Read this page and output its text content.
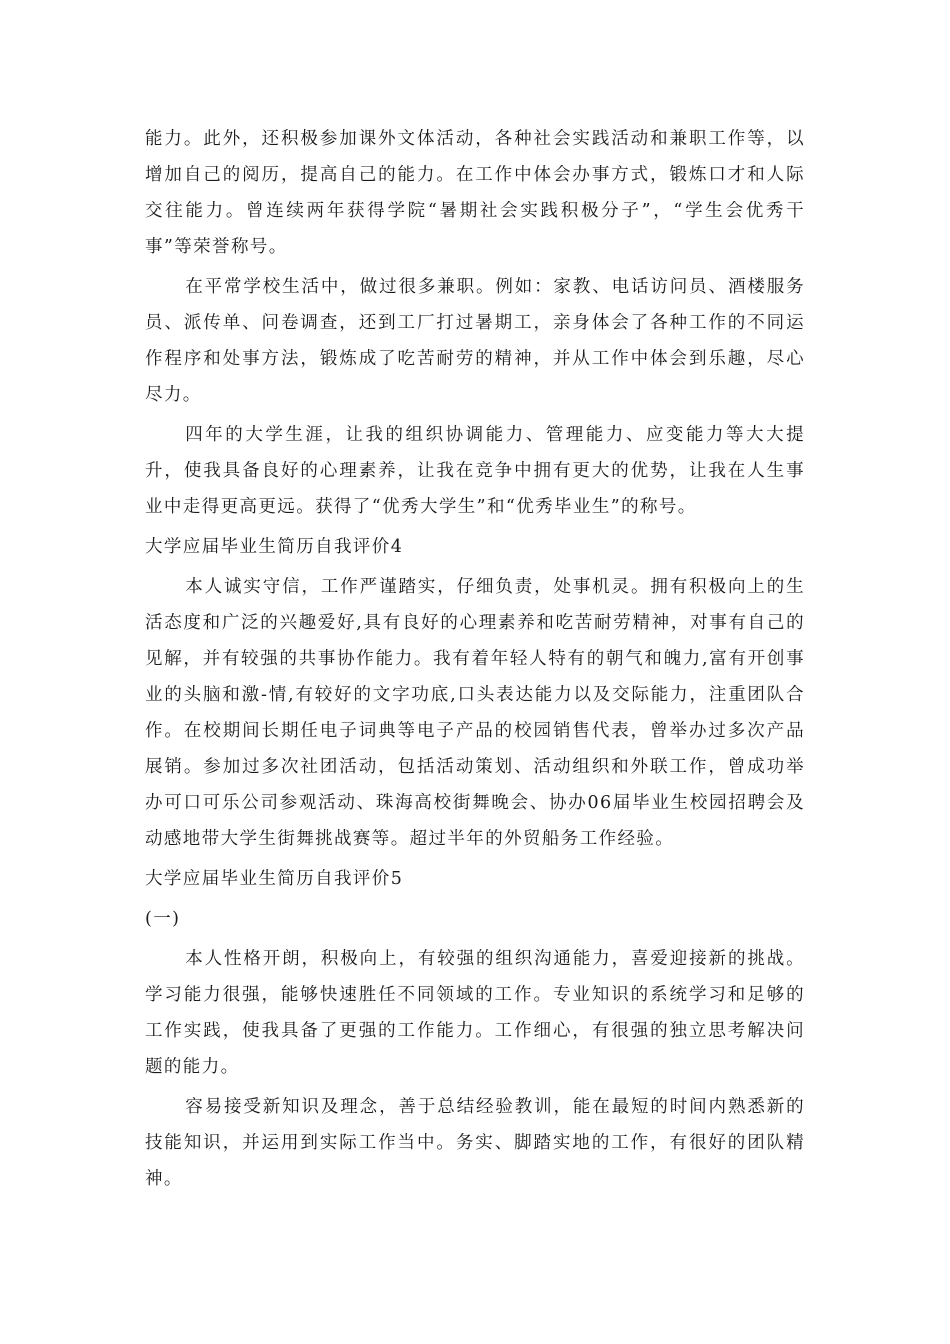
能力。此外，还积极参加课外文体活动，各种社会实践活动和兼职工作等，以增加自己的阅历，提高自己的能力。在工作中体会办事方式，锻炼口才和人际交往能力。曾连续两年获得学院“暑期社会实践积极分子”，“学生会优秀干事”等荣誉称号。

在平常学校生活中，做过很多兼职。例如：家教、电话访问员、酒楼服务员、派传单、问卷调查，还到工厂打过暑期工，亲身体会了各种工作的不同运作程序和处事方法，锻炼成了吃苦耐劳的精神，并从工作中体会到乐趣，尽心尽力。

四年的大学生涯，让我的组织协调能力、管理能力、应变能力等大大提升，使我具备良好的心理素养，让我在竞争中拥有更大的优势，让我在人生事业中走得更高更远。获得了“优秀大学生”和“优秀毕业生”的称号。

大学应届毕业生简历自我评价4

本人诚实守信，工作严谨踏实，仔细负责，处事机灵。拥有积极向上的生活态度和广泛的兴趣爱好,具有良好的心理素养和吃苦耐劳精神，对事有自己的见解，并有较强的共事协作能力。我有着年轻人特有的朝气和魄力,富有开创事业的头脑和激-情,有较好的文字功底,口头表达能力以及交际能力，注重团队合作。在校期间长期任电子词典等电子产品的校园销售代表，曾举办过多次产品展销。参加过多次社团活动，包括活动策划、活动组织和外联工作，曾成功举办可口可乐公司参观活动、珠海高校街舞晚会、协办06届毕业生校园招聘会及动感地带大学生街舞挑战赛等。超过半年的外贸船务工作经验。

大学应届毕业生简历自我评价5

(一)

本人性格开朗，积极向上，有较强的组织沟通能力，喜爱迎接新的挑战。学习能力很强，能够快速胜任不同领域的工作。专业知识的系统学习和足够的工作实践，使我具备了更强的工作能力。工作细心，有很强的独立思考解决问题的能力。

容易接受新知识及理念，善于总结经验教训，能在最短的时间内熟悉新的技能知识，并运用到实际工作当中。务实、脚踏实地的工作，有很好的团队精神。
